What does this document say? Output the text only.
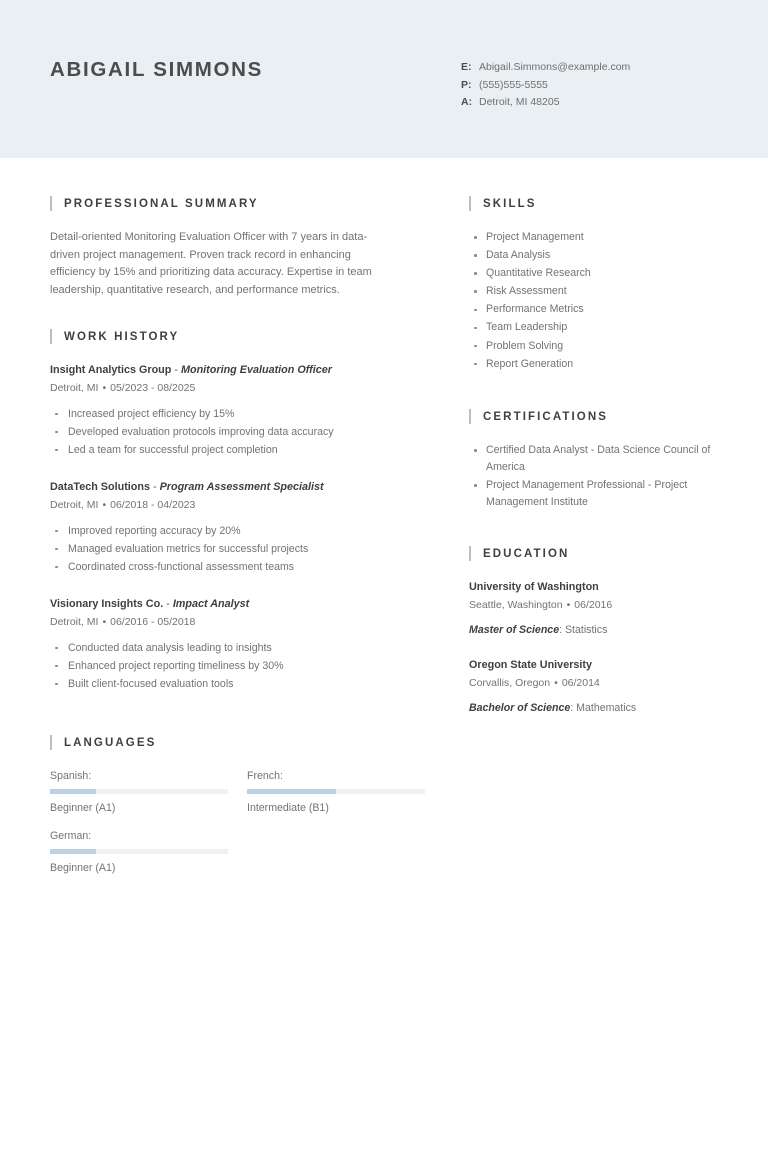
ABIGAIL SIMMONS	E: Abigail.Simmons@example.com
P: (555)555-5555
A: Detroit, MI 48205
PROFESSIONAL SUMMARY
Detail-oriented Monitoring Evaluation Officer with 7 years in data-driven project management. Proven track record in enhancing efficiency by 15% and prioritizing data accuracy. Expertise in team leadership, quantitative research, and performance metrics.
WORK HISTORY
Insight Analytics Group - Monitoring Evaluation Officer
Detroit, MI • 05/2023 - 08/2025
Increased project efficiency by 15%
Developed evaluation protocols improving data accuracy
Led a team for successful project completion
DataTech Solutions - Program Assessment Specialist
Detroit, MI • 06/2018 - 04/2023
Improved reporting accuracy by 20%
Managed evaluation metrics for successful projects
Coordinated cross-functional assessment teams
Visionary Insights Co. - Impact Analyst
Detroit, MI • 06/2016 - 05/2018
Conducted data analysis leading to insights
Enhanced project reporting timeliness by 30%
Built client-focused evaluation tools
LANGUAGES
Spanish:
Beginner (A1)
French:
Intermediate (B1)
German:
Beginner (A1)
SKILLS
Project Management
Data Analysis
Quantitative Research
Risk Assessment
Performance Metrics
Team Leadership
Problem Solving
Report Generation
CERTIFICATIONS
Certified Data Analyst - Data Science Council of America
Project Management Professional - Project Management Institute
EDUCATION
University of Washington
Seattle, Washington • 06/2016
Master of Science: Statistics
Oregon State University
Corvallis, Oregon • 06/2014
Bachelor of Science: Mathematics
